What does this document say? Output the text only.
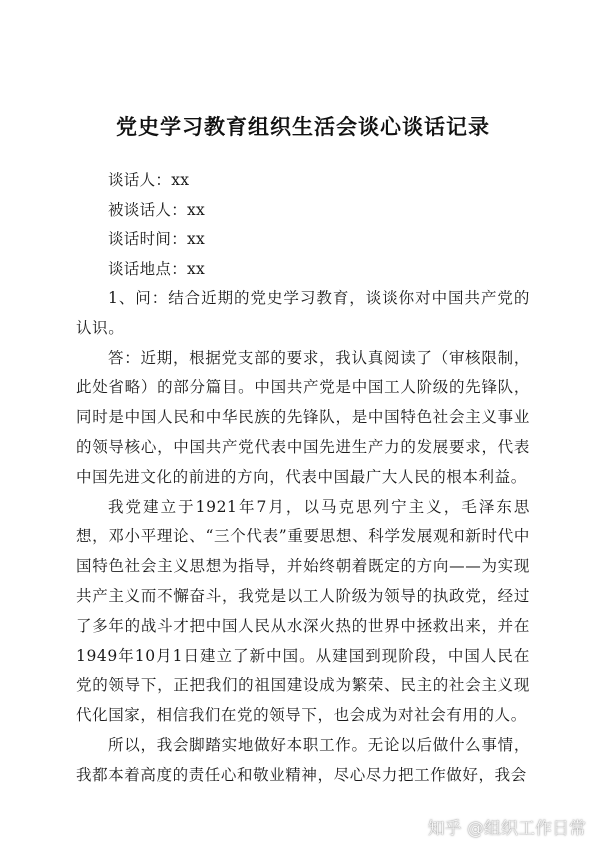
党史学习教育组织生活会谈心谈话记录

谈话人：xx

被谈话人：xx

谈话时间：xx

谈话地点：xx

1、问：结合近期的党史学习教育，谈谈你对中国共产党的认识。

答：近期，根据党支部的要求，我认真阅读了（审核限制，此处省略）的部分篇目。中国共产党是中国工人阶级的先锋队，同时是中国人民和中华民族的先锋队，是中国特色社会主义事业的领导核心，中国共产党代表中国先进生产力的发展要求，代表中国先进文化的前进的方向，代表中国最广大人民的根本利益。

我党建立于1921年7月，以马克思列宁主义，毛泽东思想，邓小平理论、“三个代表”重要思想、科学发展观和新时代中国特色社会主义思想为指导，并始终朝着既定的方向——为实现共产主义而不懈奋斗，我党是以工人阶级为领导的执政党，经过了多年的战斗才把中国人民从水深火热的世界中拯救出来，并在1949年10月1日建立了新中国。从建国到现阶段，中国人民在党的领导下，正把我们的祖国建设成为繁荣、民主的社会主义现代化国家，相信我们在党的领导下，也会成为对社会有用的人。

所以，我会脚踏实地做好本职工作。无论以后做什么事情，我都本着高度的责任心和敬业精神，尽心尽力把工作做好，我会

知乎 @组织工作日常
